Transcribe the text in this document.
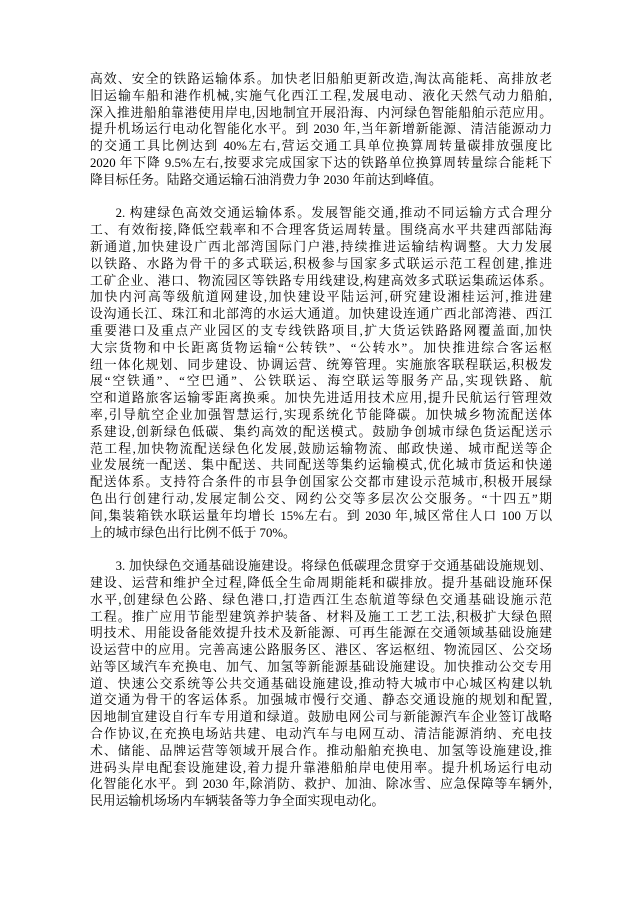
高效、安全的铁路运输体系。加快老旧船舶更新改造,淘汰高能耗、高排放老
旧运输车船和港作机械,实施气化西江工程,发展电动、液化天然气动力船舶,
深入推进船舶靠港使用岸电,因地制宜开展沿海、内河绿色智能船舶示范应用。
提升机场运行电动化智能化水平。到 2030 年,当年新增新能源、清洁能源动力
的交通工具比例达到 40%左右,营运交通工具单位换算周转量碳排放强度比
2020 年下降 9.5%左右,按要求完成国家下达的铁路单位换算周转量综合能耗下
降目标任务。陆路交通运输石油消费力争 2030 年前达到峰值。
2. 构建绿色高效交通运输体系。发展智能交通,推动不同运输方式合理分
工、有效衔接,降低空载率和不合理客货运周转量。围绕高水平共建西部陆海
新通道,加快建设广西北部湾国际门户港,持续推进运输结构调整。大力发展
以铁路、水路为骨干的多式联运,积极参与国家多式联运示范工程创建,推进
工矿企业、港口、物流园区等铁路专用线建设,构建高效多式联运集疏运体系。
加快内河高等级航道网建设,加快建设平陆运河,研究建设湘桂运河,推进建
设沟通长江、珠江和北部湾的水运大通道。加快建设连通广西北部湾港、西江
重要港口及重点产业园区的支专线铁路项目,扩大货运铁路路网覆盖面,加快
大宗货物和中长距离货物运输“公转铁”、“公转水”。加快推进综合客运枢
纽一体化规划、同步建设、协调运营、统筹管理。实施旅客联程联运,积极发
展“空铁通”、“空巴通”、公铁联运、海空联运等服务产品,实现铁路、航
空和道路旅客运输零距离换乘。加快先进适用技术应用,提升民航运行管理效
率,引导航空企业加强智慧运行,实现系统化节能降碳。加快城乡物流配送体
系建设,创新绿色低碳、集约高效的配送模式。鼓励争创城市绿色货运配送示
范工程,加快物流配送绿色化发展,鼓励运输物流、邮政快递、城市配送等企
业发展统一配送、集中配送、共同配送等集约运输模式,优化城市货运和快递
配送体系。支持符合条件的市县争创国家公交都市建设示范城市,积极开展绿
色出行创建行动,发展定制公交、网约公交等多层次公交服务。“十四五”期
间,集装箱铁水联运量年均增长 15%左右。到 2030 年,城区常住人口 100 万以
上的城市绿色出行比例不低于 70%。
3. 加快绿色交通基础设施建设。将绿色低碳理念贯穿于交通基础设施规划、
建设、运营和维护全过程,降低全生命周期能耗和碳排放。提升基础设施环保
水平,创建绿色公路、绿色港口,打造西江生态航道等绿色交通基础设施示范
工程。推广应用节能型建筑养护装备、材料及施工工艺工法,积极扩大绿色照
明技术、用能设备能效提升技术及新能源、可再生能源在交通领域基础设施建
设运营中的应用。完善高速公路服务区、港区、客运枢纽、物流园区、公交场
站等区域汽车充换电、加气、加氢等新能源基础设施建设。加快推动公交专用
道、快速公交系统等公共交通基础设施建设,推动特大城市中心城区构建以轨
道交通为骨干的客运体系。加强城市慢行交通、静态交通设施的规划和配置,
因地制宜建设自行车专用道和绿道。鼓励电网公司与新能源汽车企业签订战略
合作协议,在充换电场站共建、电动汽车与电网互动、清洁能源消纳、充电技
术、储能、品牌运营等领域开展合作。推动船舶充换电、加氢等设施建设,推
进码头岸电配套设施建设,着力提升靠港船舶岸电使用率。提升机场运行电动
化智能化水平。到 2030 年,除消防、救护、加油、除冰雪、应急保障等车辆外,
民用运输机场场内车辆装备等力争全面实现电动化。
